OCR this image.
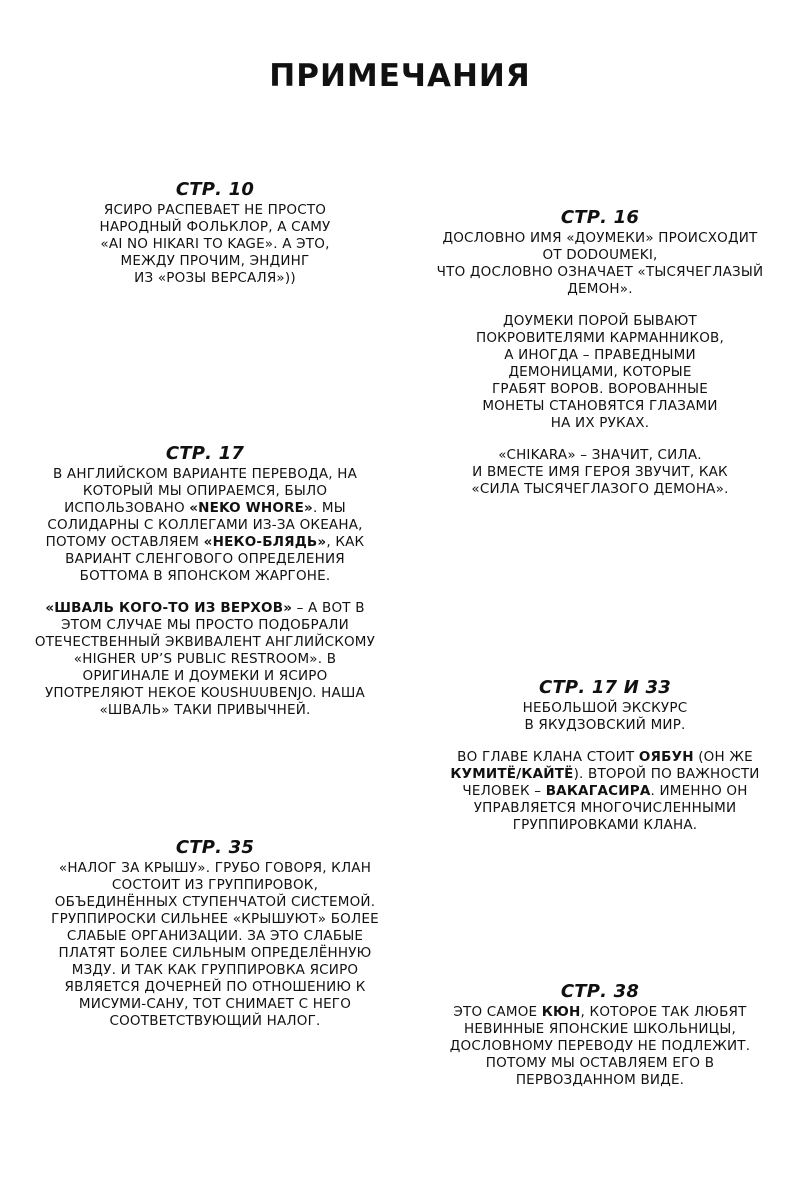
ПРИМЕЧАНИЯ
СТР. 10
ЯСИРО РАСПЕВАЕТ НЕ ПРОСТО
НАРОДНЫЙ ФОЛЬКЛОР, А САМУ
«AI NO HIKARI TO KAGE». А ЭТО,
МЕЖДУ ПРОЧИМ, ЭНДИНГ
ИЗ «РОЗЫ ВЕРСАЛЯ»))
СТР. 16
ДОСЛОВНО ИМЯ «ДОУМЕКИ» ПРОИСХОДИТ
ОТ DODOUMEKI,
ЧТО ДОСЛОВНО ОЗНАЧАЕТ «ТЫСЯЧЕГЛАЗЫЙ
ДЕМОН».
ДОУМЕКИ ПОРОЙ БЫВАЮТ
ПОКРОВИТЕЛЯМИ КАРМАННИКОВ,
А ИНОГДА – ПРАВЕДНЫМИ
ДЕМОНИЦАМИ, КОТОРЫЕ
ГРАБЯТ ВОРОВ. ВОРОВАННЫЕ
МОНЕТЫ СТАНОВЯТСЯ ГЛАЗАМИ
НА ИХ РУКАХ.
«CHIKARA» – ЗНАЧИТ, СИЛА.
И ВМЕСТЕ ИМЯ ГЕРОЯ ЗВУЧИТ, КАК
«СИЛА ТЫСЯЧЕГЛАЗОГО ДЕМОНА».
СТР. 17
В АНГЛИЙСКОМ ВАРИАНТЕ ПЕРЕВОДА, НА
КОТОРЫЙ МЫ ОПИРАЕМСЯ, БЫЛО
ИСПОЛЬЗОВАНО «NEKO WHORE». МЫ
СОЛИДАРНЫ С КОЛЛЕГАМИ ИЗ-ЗА ОКЕАНА,
ПОТОМУ ОСТАВЛЯЕМ «НЕКО-БЛЯДЬ», КАК
ВАРИАНТ СЛЕНГОВОГО ОПРЕДЕЛЕНИЯ
БОТТОМА В ЯПОНСКОМ ЖАРГОНЕ.
«ШВАЛЬ КОГО-ТО ИЗ ВЕРХОВ» – А ВОТ В
ЭТОМ СЛУЧАЕ МЫ ПРОСТО ПОДОБРАЛИ
ОТЕЧЕСТВЕННЫЙ ЭКВИВАЛЕНТ АНГЛИЙСКОМУ
«HIGHER UP’S PUBLIC RESTROOM». В
ОРИГИНАЛЕ И ДОУМЕКИ И ЯСИРО
УПОТРЕЛЯЮТ НЕКОЕ KOUSHUUBENJO. НАША
«ШВАЛЬ» ТАКИ ПРИВЫЧНЕЙ.
СТР. 17 И 33
НЕБОЛЬШОЙ ЭКСКУРС
В ЯКУДЗОВСКИЙ МИР.
ВО ГЛАВЕ КЛАНА СТОИТ ОЯБУН (ОН ЖЕ
КУМИТЁ/КАЙТЁ). ВТОРОЙ ПО ВАЖНОСТИ
ЧЕЛОВЕК – ВАКАГАСИРА. ИМЕННО ОН
УПРАВЛЯЕТСЯ МНОГОЧИСЛЕННЫМИ
ГРУППИРОВКАМИ КЛАНА.
СТР. 35
«НАЛОГ ЗА КРЫШУ». ГРУБО ГОВОРЯ, КЛАН
СОСТОИТ ИЗ ГРУППИРОВОК,
ОБЪЕДИНЁННЫХ СТУПЕНЧАТОЙ СИСТЕМОЙ.
ГРУППИРОСКИ СИЛЬНЕЕ «КРЫШУЮТ» БОЛЕЕ
СЛАБЫЕ ОРГАНИЗАЦИИ. ЗА ЭТО СЛАБЫЕ
ПЛАТЯТ БОЛЕЕ СИЛЬНЫМ ОПРЕДЕЛЁННУЮ
МЗДУ. И ТАК КАК ГРУППИРОВКА ЯСИРО
ЯВЛЯЕТСЯ ДОЧЕРНЕЙ ПО ОТНОШЕНИЮ К
МИСУМИ-САНУ, ТОТ СНИМАЕТ С НЕГО
СООТВЕТСТВУЮЩИЙ НАЛОГ.
СТР. 38
ЭТО САМОЕ КЮН, КОТОРОЕ ТАК ЛЮБЯТ
НЕВИННЫЕ ЯПОНСКИЕ ШКОЛЬНИЦЫ,
ДОСЛОВНОМУ ПЕРЕВОДУ НЕ ПОДЛЕЖИТ.
ПОТОМУ МЫ ОСТАВЛЯЕМ ЕГО В
ПЕРВОЗДАННОМ ВИДЕ.
